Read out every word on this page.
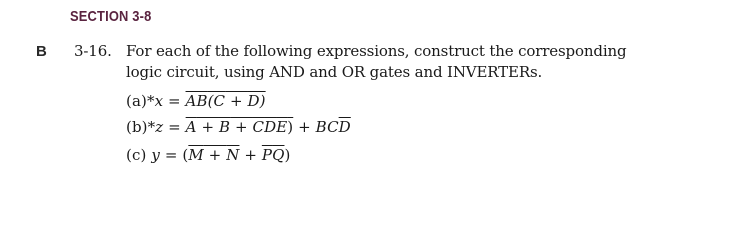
SECTION 3-8
B 3-16. For each of the following expressions, construct the corresponding
logic circuit, using AND and OR gates and INVERTERs.
(a)*x = AB(C + D)
$(b)*z = A + B + CDE) + BC\overline{D}$
(c) y = (M + N + PQ)
